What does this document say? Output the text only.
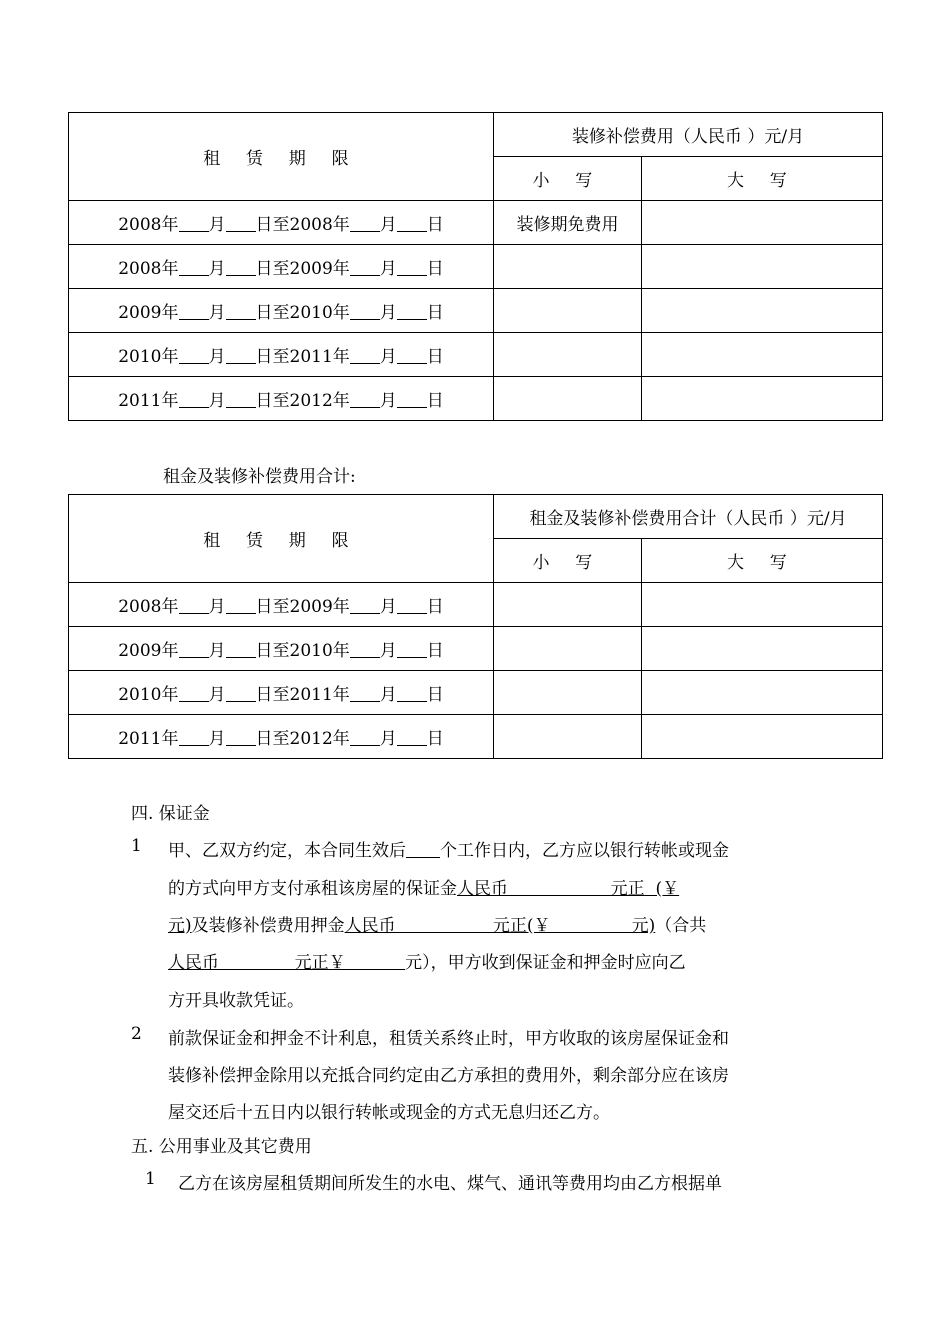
租 赁 期 限	装修补偿费用（人民币 ）元/月	
	小 写	大 写
2008年 月 日至2008年 月 日	装修期免费用	
2008年 月 日至2009年 月 日		
2009年 月 日至2010年 月 日		
2010年 月 日至2011年 月 日		
2011年 月 日至2012年 月 日		
租金及装修补偿费用合计:
租 赁 期 限	租金及装修补偿费用合计（人民币 ）元/月	
	小 写	大 写
2008年 月 日至2009年 月 日		
2009年 月 日至2010年 月 日		
2010年 月 日至2011年 月 日		
2011年 月 日至2012年 月 日		
四. 保证金
1 甲、乙双方约定，本合同生效后 个工作日内，乙方应以银行转帐或现金
的方式向甲方支付承租该房屋的保证金人民币                   元正  (￥
元)及装修补偿费用押金人民币                  元正(￥               元)（合共
人民币              元正￥           元），甲方收到保证金和押金时应向乙
方开具收款凭证。
2 前款保证金和押金不计利息，租赁关系终止时，甲方收取的该房屋保证金和
装修补偿押金除用以充抵合同约定由乙方承担的费用外，剩余部分应在该房
屋交还后十五日内以银行转帐或现金的方式无息归还乙方。
五. 公用事业及其它费用
1 乙方在该房屋租赁期间所发生的水电、煤气、通讯等费用均由乙方根据单
